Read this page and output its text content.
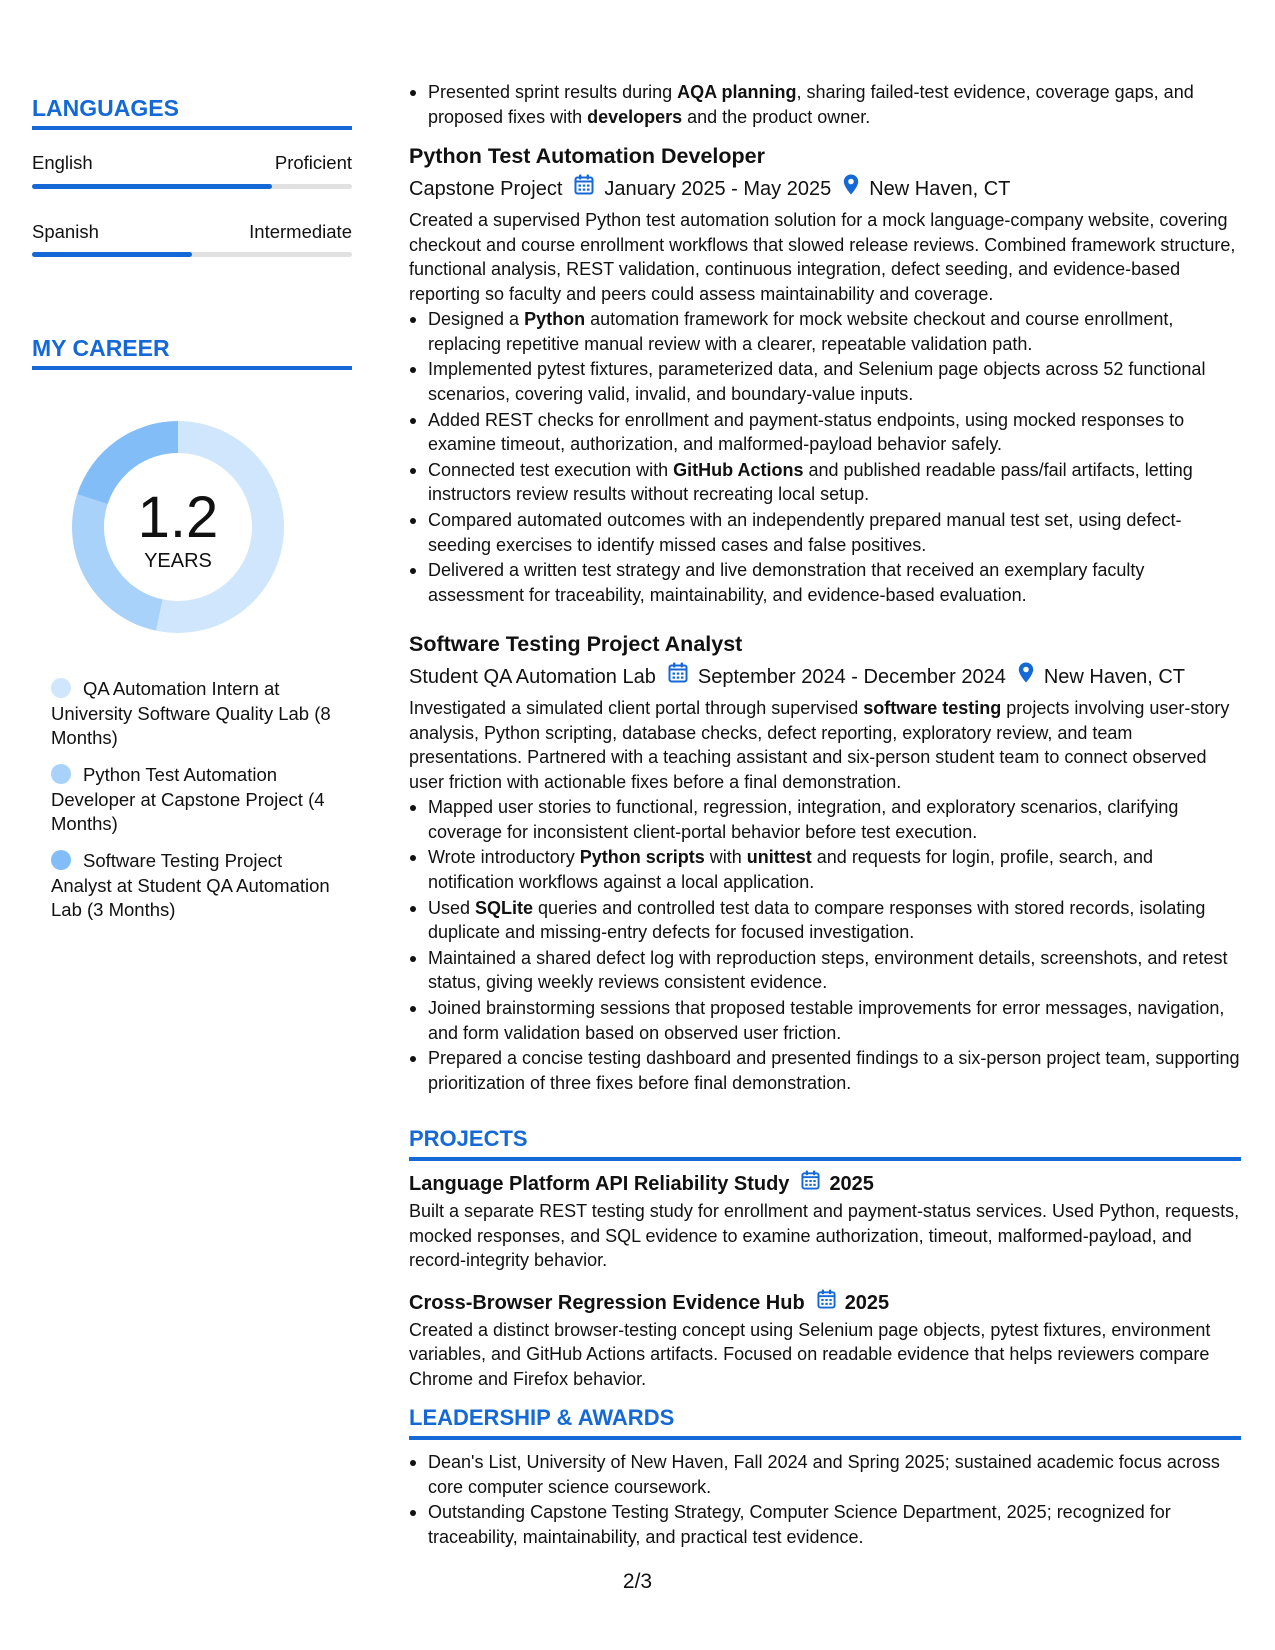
LANGUAGES
English	Proficient
Spanish	Intermediate
MY CAREER
1.2
YEARS
QA Automation Intern at University Software Quality Lab (8 Months)
Python Test Automation Developer at Capstone Project (4 Months)
Software Testing Project Analyst at Student QA Automation Lab (3 Months)
Presented sprint results during AQA planning, sharing failed-test evidence, coverage gaps, and proposed fixes with developers and the product owner.
Python Test Automation Developer
Capstone Project January 2025 - May 2025 New Haven, CT
Created a supervised Python test automation solution for a mock language-company website, covering checkout and course enrollment workflows that slowed release reviews. Combined framework structure, functional analysis, REST validation, continuous integration, defect seeding, and evidence-based reporting so faculty and peers could assess maintainability and coverage.
Designed a Python automation framework for mock website checkout and course enrollment, replacing repetitive manual review with a clearer, repeatable validation path.
Implemented pytest fixtures, parameterized data, and Selenium page objects across 52 functional scenarios, covering valid, invalid, and boundary-value inputs.
Added REST checks for enrollment and payment-status endpoints, using mocked responses to examine timeout, authorization, and malformed-payload behavior safely.
Connected test execution with GitHub Actions and published readable pass/fail artifacts, letting instructors review results without recreating local setup.
Compared automated outcomes with an independently prepared manual test set, using defect-seeding exercises to identify missed cases and false positives.
Delivered a written test strategy and live demonstration that received an exemplary faculty assessment for traceability, maintainability, and evidence-based evaluation.
Software Testing Project Analyst
Student QA Automation Lab September 2024 - December 2024 New Haven, CT
Investigated a simulated client portal through supervised software testing projects involving user-story analysis, Python scripting, database checks, defect reporting, exploratory review, and team presentations. Partnered with a teaching assistant and six-person student team to connect observed user friction with actionable fixes before a final demonstration.
Mapped user stories to functional, regression, integration, and exploratory scenarios, clarifying coverage for inconsistent client-portal behavior before test execution.
Wrote introductory Python scripts with unittest and requests for login, profile, search, and notification workflows against a local application.
Used SQLite queries and controlled test data to compare responses with stored records, isolating duplicate and missing-entry defects for focused investigation.
Maintained a shared defect log with reproduction steps, environment details, screenshots, and retest status, giving weekly reviews consistent evidence.
Joined brainstorming sessions that proposed testable improvements for error messages, navigation, and form validation based on observed user friction.
Prepared a concise testing dashboard and presented findings to a six-person project team, supporting prioritization of three fixes before final demonstration.
PROJECTS
Language Platform API Reliability Study 2025
Built a separate REST testing study for enrollment and payment-status services. Used Python, requests, mocked responses, and SQL evidence to examine authorization, timeout, malformed-payload, and record-integrity behavior.
Cross-Browser Regression Evidence Hub 2025
Created a distinct browser-testing concept using Selenium page objects, pytest fixtures, environment variables, and GitHub Actions artifacts. Focused on readable evidence that helps reviewers compare Chrome and Firefox behavior.
LEADERSHIP & AWARDS
Dean's List, University of New Haven, Fall 2024 and Spring 2025; sustained academic focus across core computer science coursework.
Outstanding Capstone Testing Strategy, Computer Science Department, 2025; recognized for traceability, maintainability, and practical test evidence.
2/3
